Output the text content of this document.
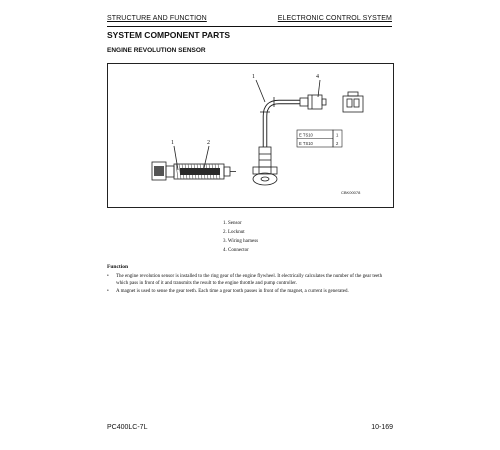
STRUCTURE AND FUNCTION	ELECTRONIC CONTROL SYSTEM
SYSTEM COMPONENT PARTS
ENGINE REVOLUTION SENSOR
1	4
1	2
E TS10
E TS10
1
2
CBK00078
1. Sensor
2. Locknut
3. Wiring harness
4. Connector
Function
• The engine revolution sensor is installed to the ring gear of the engine flywheel. It electrically calculates the number of the gear teeth which pass in front of it and transmits the result to the engine throttle and pump controller.
• A magnet is used to sense the gear teeth. Each time a gear tooth passes in front of the magnet, a current is generated.
PC400LC-7L	10-169
